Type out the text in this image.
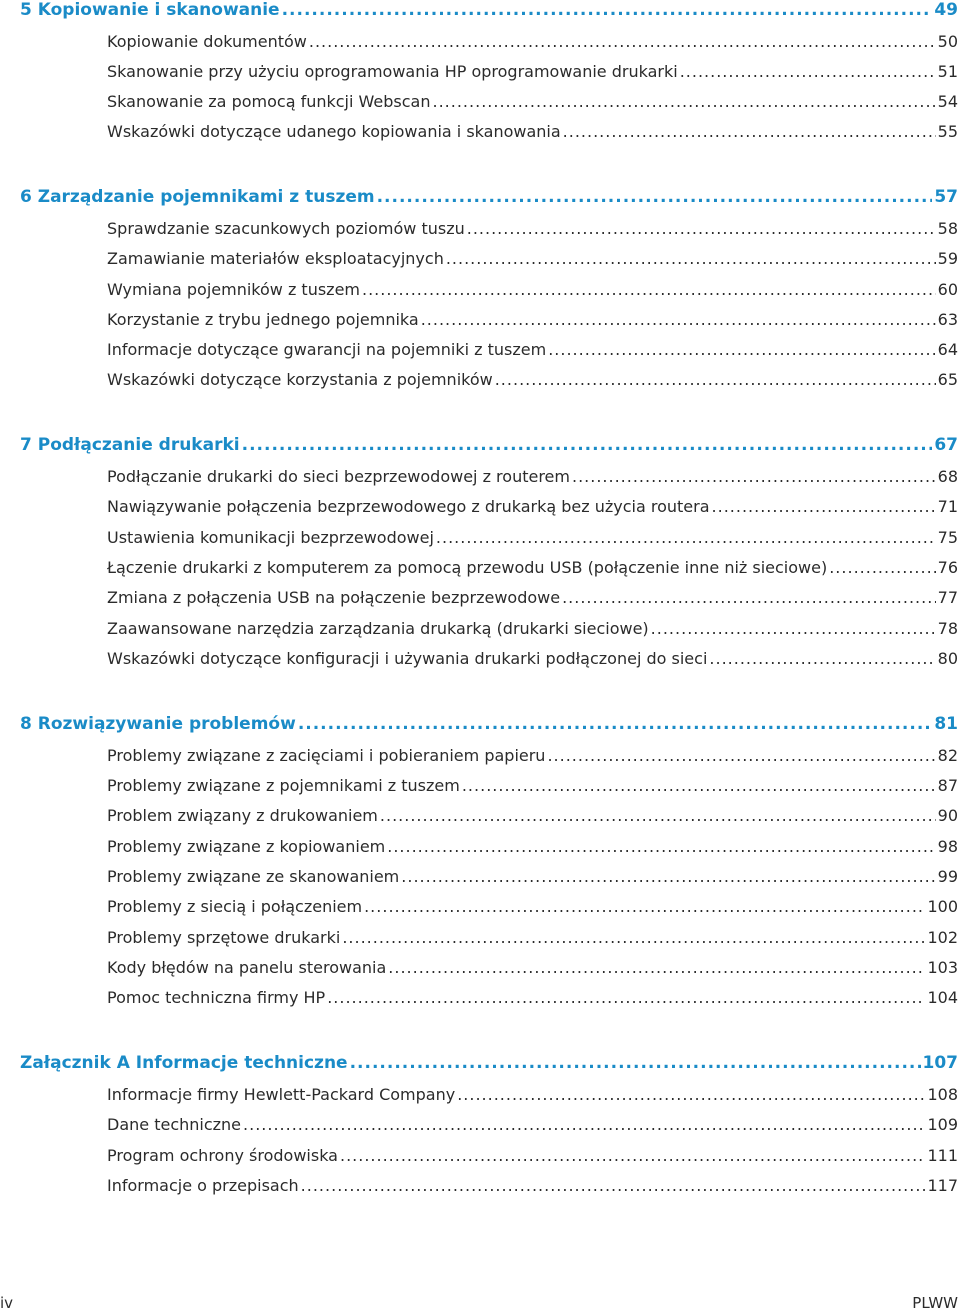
5 Kopiowanie i skanowanie .....	49
Kopiowanie dokumentów .....	50
Skanowanie przy użyciu oprogramowania HP oprogramowanie drukarki .....	51
Skanowanie za pomocą funkcji Webscan .....	54
Wskazówki dotyczące udanego kopiowania i skanowania .....	55
6 Zarządzanie pojemnikami z tuszem .....	57
Sprawdzanie szacunkowych poziomów tuszu .....	58
Zamawianie materiałów eksploatacyjnych .....	59
Wymiana pojemników z tuszem .....	60
Korzystanie z trybu jednego pojemnika .....	63
Informacje dotyczące gwarancji na pojemniki z tuszem .....	64
Wskazówki dotyczące korzystania z pojemników .....	65
7 Podłączanie drukarki .....	67
Podłączanie drukarki do sieci bezprzewodowej z routerem .....	68
Nawiązywanie połączenia bezprzewodowego z drukarką bez użycia routera .....	71
Ustawienia komunikacji bezprzewodowej .....	75
Łączenie drukarki z komputerem za pomocą przewodu USB (połączenie inne niż sieciowe) .....	76
Zmiana z połączenia USB na połączenie bezprzewodowe .....	77
Zaawansowane narzędzia zarządzania drukarką (drukarki sieciowe) .....	78
Wskazówki dotyczące konfiguracji i używania drukarki podłączonej do sieci .....	80
8 Rozwiązywanie problemów .....	81
Problemy związane z zacięciami i pobieraniem papieru .....	82
Problemy związane z pojemnikami z tuszem .....	87
Problem związany z drukowaniem .....	90
Problemy związane z kopiowaniem .....	98
Problemy związane ze skanowaniem .....	99
Problemy z siecią i połączeniem .....	100
Problemy sprzętowe drukarki .....	102
Kody błędów na panelu sterowania .....	103
Pomoc techniczna firmy HP .....	104
Załącznik A Informacje techniczne .....	107
Informacje firmy Hewlett-Packard Company .....	108
Dane techniczne .....	109
Program ochrony środowiska .....	111
Informacje o przepisach .....	117
iv	PLWW
